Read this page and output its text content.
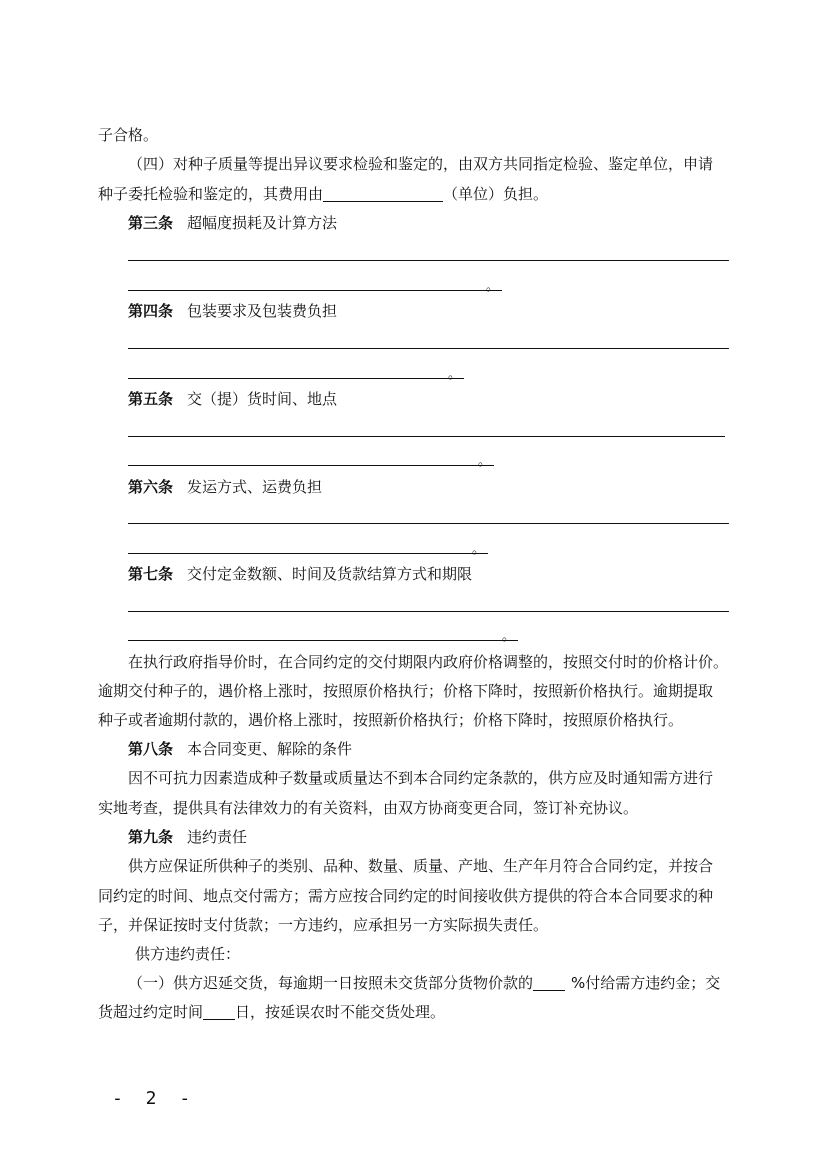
子合格。
（四）对种子质量等提出异议要求检验和鉴定的，由双方共同指定检验、鉴定单位，申请
种子委托检验和鉴定的，其费用由	（单位）负担。
第三条 超幅度损耗及计算方法
。
第四条 包装要求及包装费负担
。
第五条 交（提）货时间、地点
。
第六条 发运方式、运费负担
。
第七条 交付定金数额、时间及货款结算方式和期限
。
在执行政府指导价时，在合同约定的交付期限内政府价格调整的，按照交付时的价格计价。
逾期交付种子的，遇价格上涨时，按照原价格执行；价格下降时，按照新价格执行。逾期提取
种子或者逾期付款的，遇价格上涨时，按照新价格执行；价格下降时，按照原价格执行。
第八条 本合同变更、解除的条件
因不可抗力因素造成种子数量或质量达不到本合同约定条款的，供方应及时通知需方进行
实地考查，提供具有法律效力的有关资料，由双方协商变更合同，签订补充协议。
第九条 违约责任
供方应保证所供种子的类别、品种、数量、质量、产地、生产年月符合合同约定，并按合
同约定的时间、地点交付需方；需方应按合同约定的时间接收供方提供的符合本合同要求的种
子，并保证按时支付货款；一方违约，应承担另一方实际损失责任。
供方违约责任：
（一）供方迟延交货，每逾期一日按照未交货部分货物价款的	%付给需方违约金；交
货超过约定时间 日，按延误农时不能交货处理。
- 2 -
